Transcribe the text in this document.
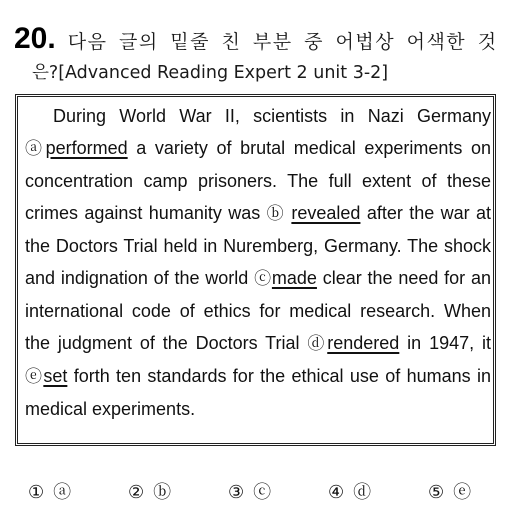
20. 다음 글의 밑줄 친 부분 중 어법상 어색한 것
은?[Advanced Reading Expert 2 unit 3-2]

During World War II, scientists in Nazi Germany ⓐperformed a variety of brutal medical experiments on concentration camp prisoners. The full extent of these crimes against humanity was ⓑ revealed after the war at the Doctors Trial held in Nuremberg, Germany. The shock and indignation of the world ⓒmade clear the need for an international code of ethics for medical research. When the judgment of the Doctors Trial ⓓrendered in 1947, it ⓔset forth ten standards for the ethical use of humans in medical experiments.

① ⓐ	② ⓑ	③ ⓒ	④ ⓓ	⑤ ⓔ
